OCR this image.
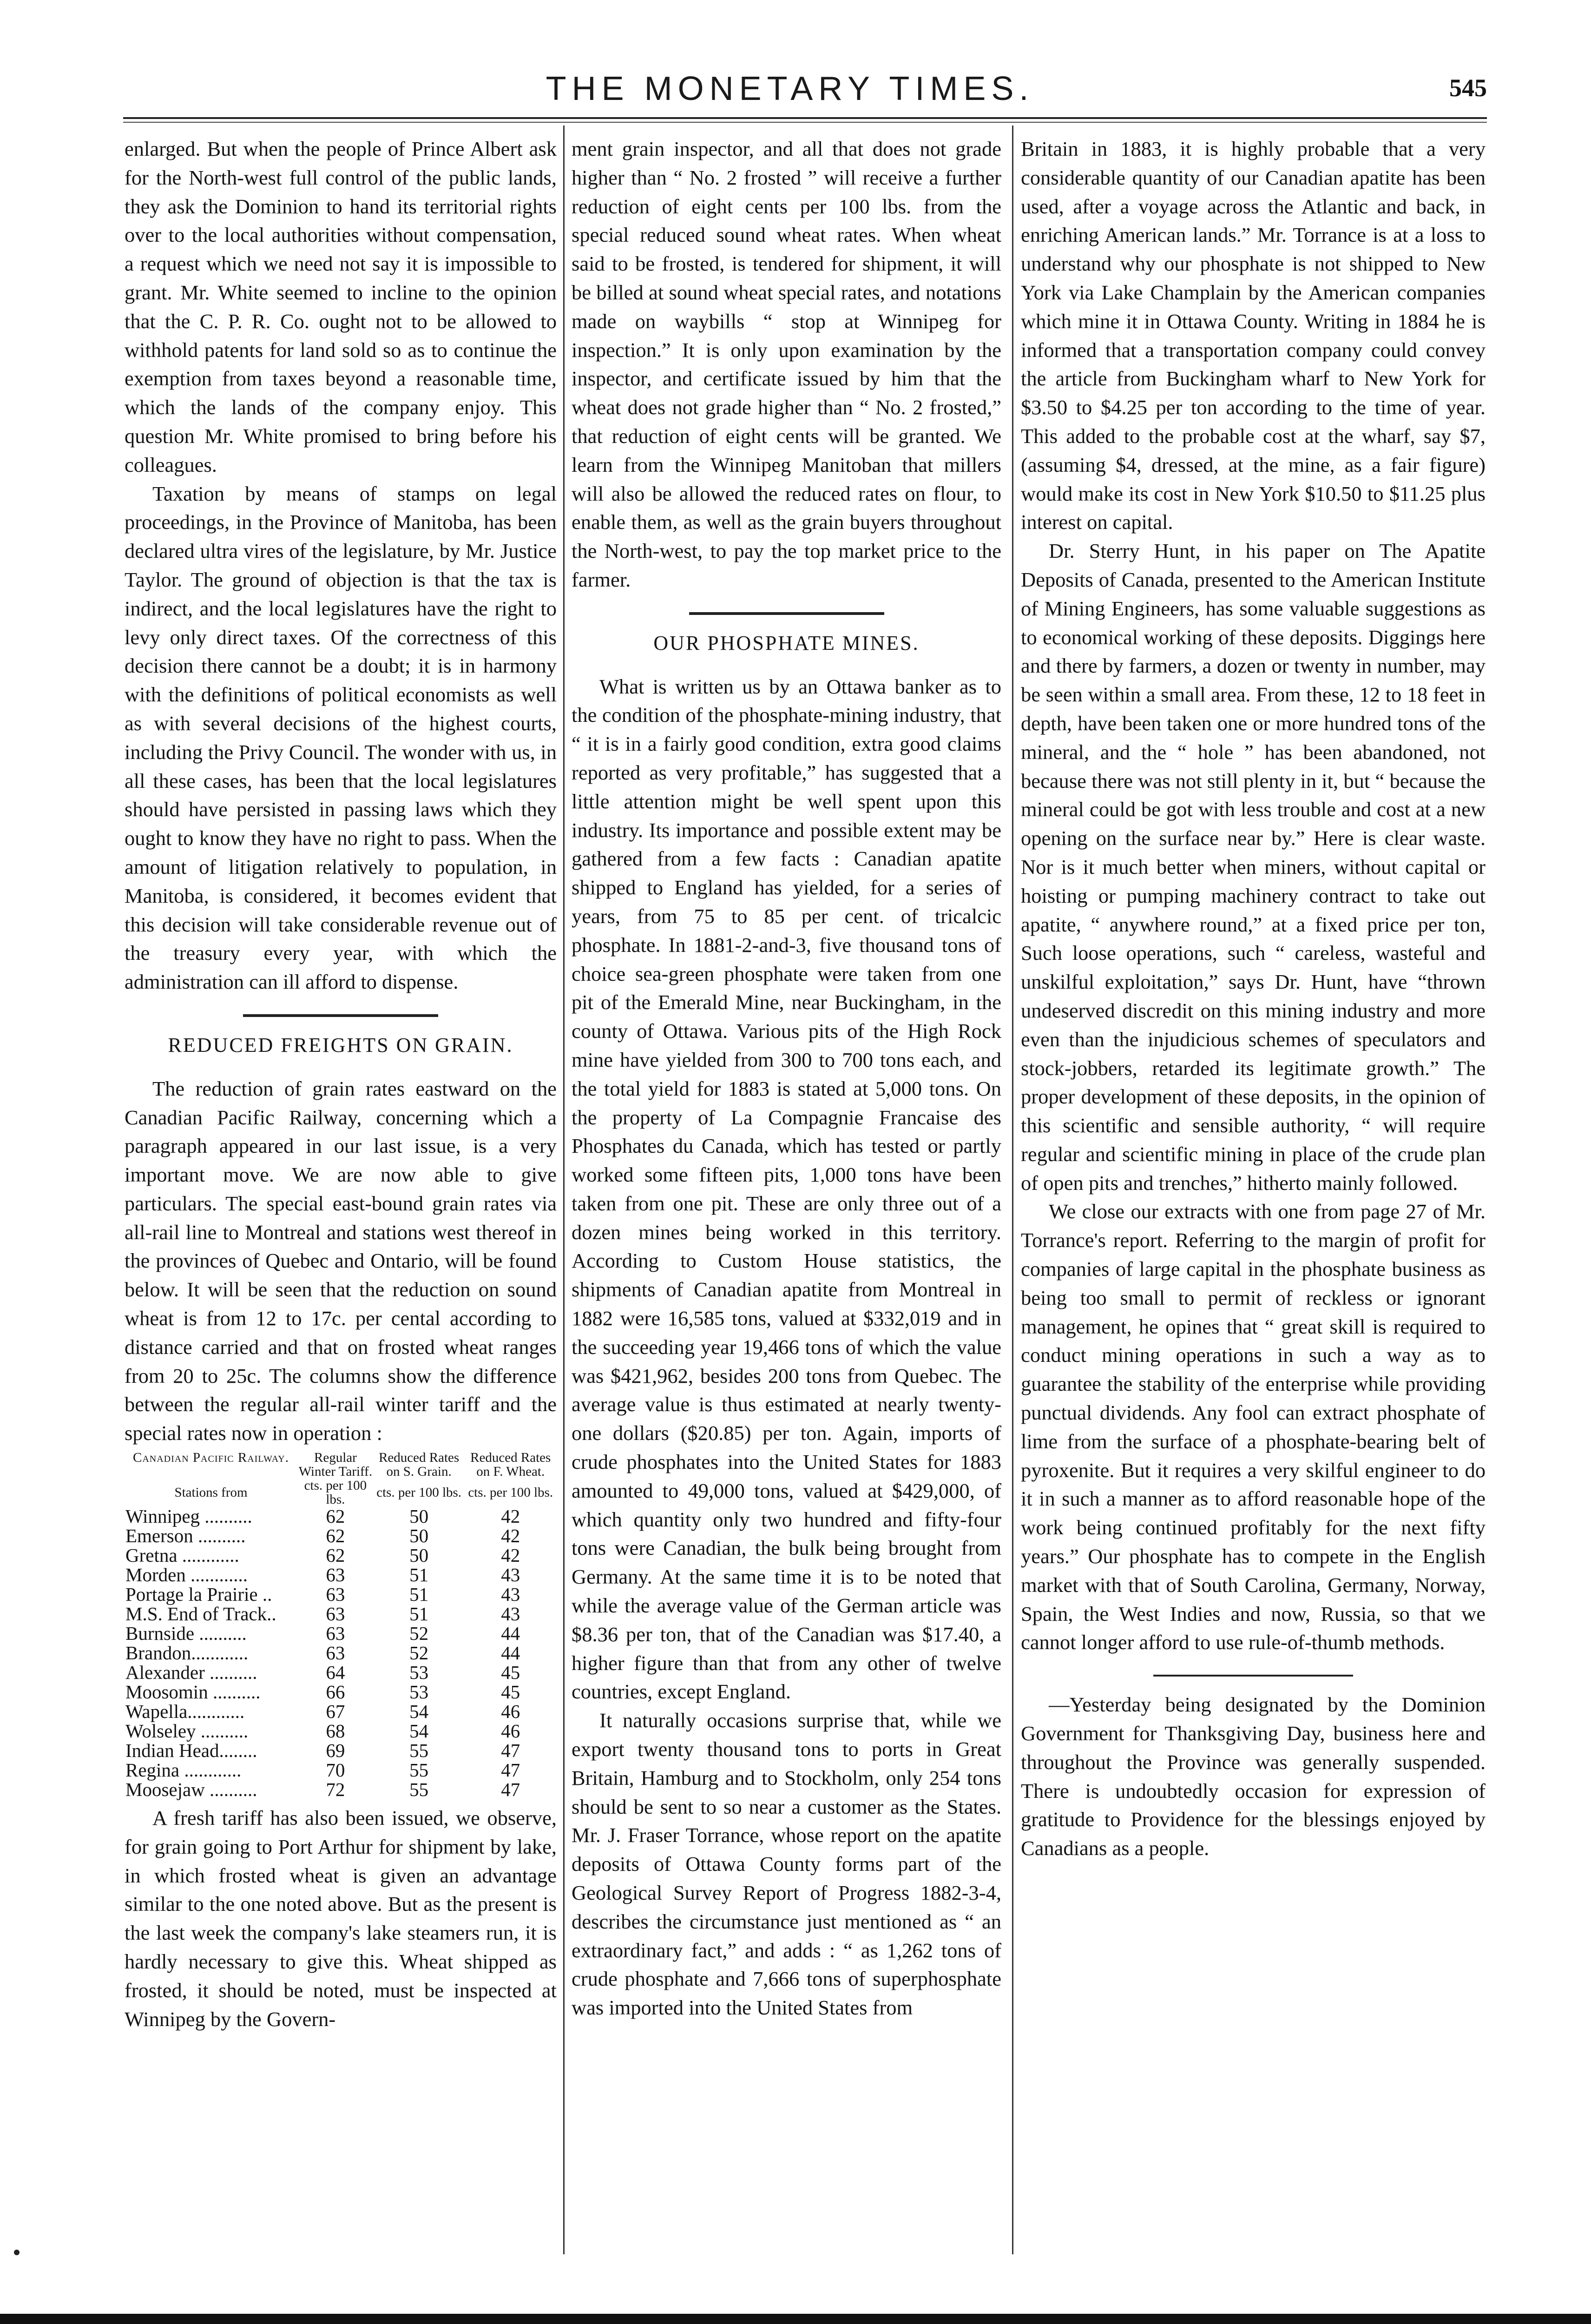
THE MONETARY TIMES.	545

enlarged. But when the people of Prince Albert ask for the North-west full control of the public lands, they ask the Dominion to hand its territorial rights over to the local authorities without compensation, a request which we need not say it is impossible to grant. Mr. White seemed to incline to the opinion that the C. P. R. Co. ought not to be allowed to withhold patents for land sold so as to continue the exemption from taxes beyond a reasonable time, which the lands of the company enjoy. This question Mr. White promised to bring before his colleagues.

Taxation by means of stamps on legal proceedings, in the Province of Manitoba, has been declared ultra vires of the legislature, by Mr. Justice Taylor. The ground of objection is that the tax is indirect, and the local legislatures have the right to levy only direct taxes. Of the correctness of this decision there cannot be a doubt; it is in harmony with the definitions of political economists as well as with several decisions of the highest courts, including the Privy Council. The wonder with us, in all these cases, has been that the local legislatures should have persisted in passing laws which they ought to know they have no right to pass. When the amount of litigation relatively to population, in Manitoba, is considered, it becomes evident that this decision will take considerable revenue out of the treasury every year, with which the administration can ill afford to dispense.

REDUCED FREIGHTS ON GRAIN.

The reduction of grain rates eastward on the Canadian Pacific Railway, concerning which a paragraph appeared in our last issue, is a very important move. We are now able to give particulars. The special east-bound grain rates via all-rail line to Montreal and stations west thereof in the provinces of Quebec and Ontario, will be found below. It will be seen that the reduction on sound wheat is from 12 to 17c. per cental according to distance carried and that on frosted wheat ranges from 20 to 25c. The columns show the difference between the regular all-rail winter tariff and the special rates now in operation :

Canadian Pacific Railway.	Regular Winter Tariff.	Reduced Rates on S. Grain.	Reduced Rates on F. Wheat.
Stations from	cts. per 100 lbs.	cts. per 100 lbs.	cts. per 100 lbs.
Winnipeg ..........	62	50	42
Emerson ..........	62	50	42
Gretna ............	62	50	42
Morden ............	63	51	43
Portage la Prairie ..	63	51	43
M.S. End of Track..	63	51	43
Burnside ..........	63	52	44
Brandon............	63	52	44
Alexander ..........	64	53	45
Moosomin ..........	66	53	45
Wapella............	67	54	46
Wolseley ..........	68	54	46
Indian Head........	69	55	47
Regina ............	70	55	47
Moosejaw ..........	72	55	47

A fresh tariff has also been issued, we observe, for grain going to Port Arthur for shipment by lake, in which frosted wheat is given an advantage similar to the one noted above. But as the present is the last week the company's lake steamers run, it is hardly necessary to give this. Wheat shipped as frosted, it should be noted, must be inspected at Winnipeg by the Govern-

ment grain inspector, and all that does not grade higher than “ No. 2 frosted ” will receive a further reduction of eight cents per 100 lbs. from the special reduced sound wheat rates. When wheat said to be frosted, is tendered for shipment, it will be billed at sound wheat special rates, and notations made on waybills “ stop at Winnipeg for inspection.” It is only upon examination by the inspector, and certificate issued by him that the wheat does not grade higher than “ No. 2 frosted,” that reduction of eight cents will be granted. We learn from the Winnipeg Manitoban that millers will also be allowed the reduced rates on flour, to enable them, as well as the grain buyers throughout the North-west, to pay the top market price to the farmer.

OUR PHOSPHATE MINES.

What is written us by an Ottawa banker as to the condition of the phosphate-mining industry, that “ it is in a fairly good condition, extra good claims reported as very profitable,” has suggested that a little attention might be well spent upon this industry. Its importance and possible extent may be gathered from a few facts : Canadian apatite shipped to England has yielded, for a series of years, from 75 to 85 per cent. of tricalcic phosphate. In 1881-2-and-3, five thousand tons of choice sea-green phosphate were taken from one pit of the Emerald Mine, near Buckingham, in the county of Ottawa. Various pits of the High Rock mine have yielded from 300 to 700 tons each, and the total yield for 1883 is stated at 5,000 tons. On the property of La Compagnie Francaise des Phosphates du Canada, which has tested or partly worked some fifteen pits, 1,000 tons have been taken from one pit. These are only three out of a dozen mines being worked in this territory. According to Custom House statistics, the shipments of Canadian apatite from Montreal in 1882 were 16,585 tons, valued at $332,019 and in the succeeding year 19,466 tons of which the value was $421,962, besides 200 tons from Quebec. The average value is thus estimated at nearly twenty-one dollars ($20.85) per ton. Again, imports of crude phosphates into the United States for 1883 amounted to 49,000 tons, valued at $429,000, of which quantity only two hundred and fifty-four tons were Canadian, the bulk being brought from Germany. At the same time it is to be noted that while the average value of the German article was $8.36 per ton, that of the Canadian was $17.40, a higher figure than that from any other of twelve countries, except England.

It naturally occasions surprise that, while we export twenty thousand tons to ports in Great Britain, Hamburg and to Stockholm, only 254 tons should be sent to so near a customer as the States. Mr. J. Fraser Torrance, whose report on the apatite deposits of Ottawa County forms part of the Geological Survey Report of Progress 1882-3-4, describes the circumstance just mentioned as “ an extraordinary fact,” and adds : “ as 1,262 tons of crude phosphate and 7,666 tons of superphosphate was imported into the United States from

Britain in 1883, it is highly probable that a very considerable quantity of our Canadian apatite has been used, after a voyage across the Atlantic and back, in enriching American lands.” Mr. Torrance is at a loss to understand why our phosphate is not shipped to New York via Lake Champlain by the American companies which mine it in Ottawa County. Writing in 1884 he is informed that a transportation company could convey the article from Buckingham wharf to New York for $3.50 to $4.25 per ton according to the time of year. This added to the probable cost at the wharf, say $7, (assuming $4, dressed, at the mine, as a fair figure) would make its cost in New York $10.50 to $11.25 plus interest on capital.

Dr. Sterry Hunt, in his paper on The Apatite Deposits of Canada, presented to the American Institute of Mining Engineers, has some valuable suggestions as to economical working of these deposits. Diggings here and there by farmers, a dozen or twenty in number, may be seen within a small area. From these, 12 to 18 feet in depth, have been taken one or more hundred tons of the mineral, and the “ hole ” has been abandoned, not because there was not still plenty in it, but “ because the mineral could be got with less trouble and cost at a new opening on the surface near by.” Here is clear waste. Nor is it much better when miners, without capital or hoisting or pumping machinery contract to take out apatite, “ anywhere round,” at a fixed price per ton, Such loose operations, such “ careless, wasteful and unskilful exploitation,” says Dr. Hunt, have “thrown undeserved discredit on this mining industry and more even than the injudicious schemes of speculators and stock-jobbers, retarded its legitimate growth.” The proper development of these deposits, in the opinion of this scientific and sensible authority, “ will require regular and scientific mining in place of the crude plan of open pits and trenches,” hitherto mainly followed.

We close our extracts with one from page 27 of Mr. Torrance's report. Referring to the margin of profit for companies of large capital in the phosphate business as being too small to permit of reckless or ignorant management, he opines that “ great skill is required to conduct mining operations in such a way as to guarantee the stability of the enterprise while providing punctual dividends. Any fool can extract phosphate of lime from the surface of a phosphate-bearing belt of pyroxenite. But it requires a very skilful engineer to do it in such a manner as to afford reasonable hope of the work being continued profitably for the next fifty years.” Our phosphate has to compete in the English market with that of South Carolina, Germany, Norway, Spain, the West Indies and now, Russia, so that we cannot longer afford to use rule-of-thumb methods.

—Yesterday being designated by the Dominion Government for Thanksgiving Day, business here and throughout the Province was generally suspended. There is undoubtedly occasion for expression of gratitude to Providence for the blessings enjoyed by Canadians as a people.
